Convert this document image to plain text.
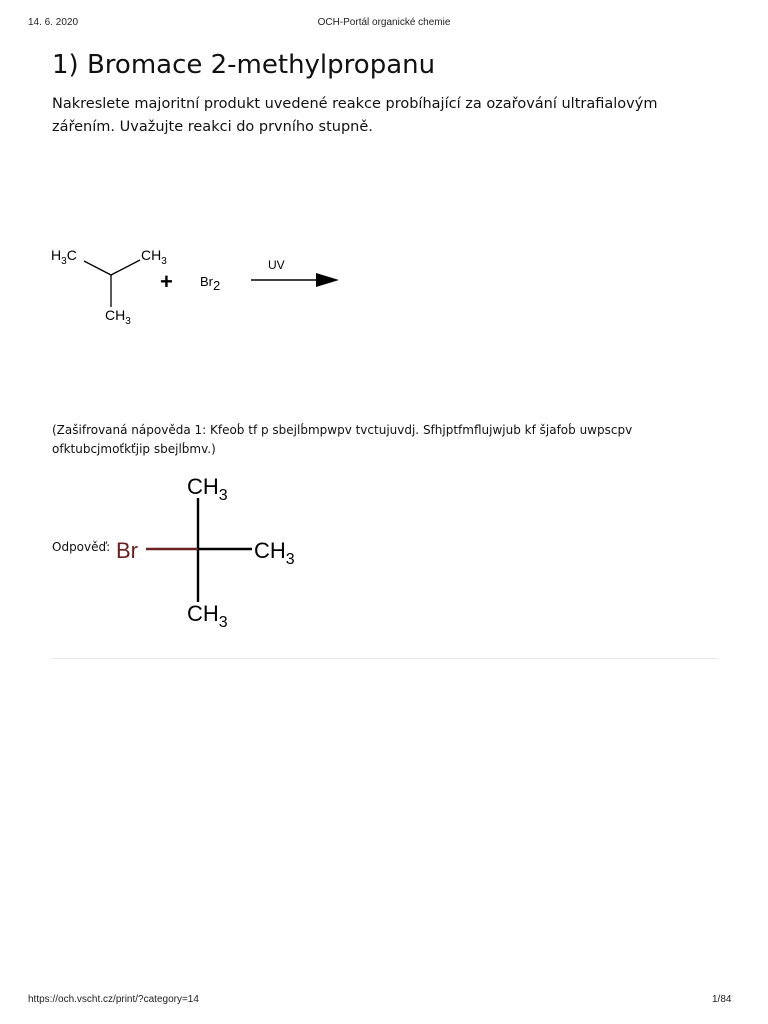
14. 6. 2020	OCH-Portál organické chemie
1) Bromace 2-methylpropanu

Nakreslete majoritní produkt uvedené reakce probíhající za ozařování ultrafialovým zářením. Uvažujte reakci do prvního stupně.

$H_3C$	$CH_3$
$CH_3$
+ Br2
UV

(Zašifrovaná nápověda 1: Kfeob́ tf p sbejlb́mpwpv tvctujuvdj. Sfhjptfmflujwjub kf šjafob́ uwpscpv ofktubcjmoťkťjip sbejlb́mv.)

Odpověď:
$CH_3$
$CH_3$
$CH_3$
Br
https://och.vscht.cz/print/?category=14	1/84
